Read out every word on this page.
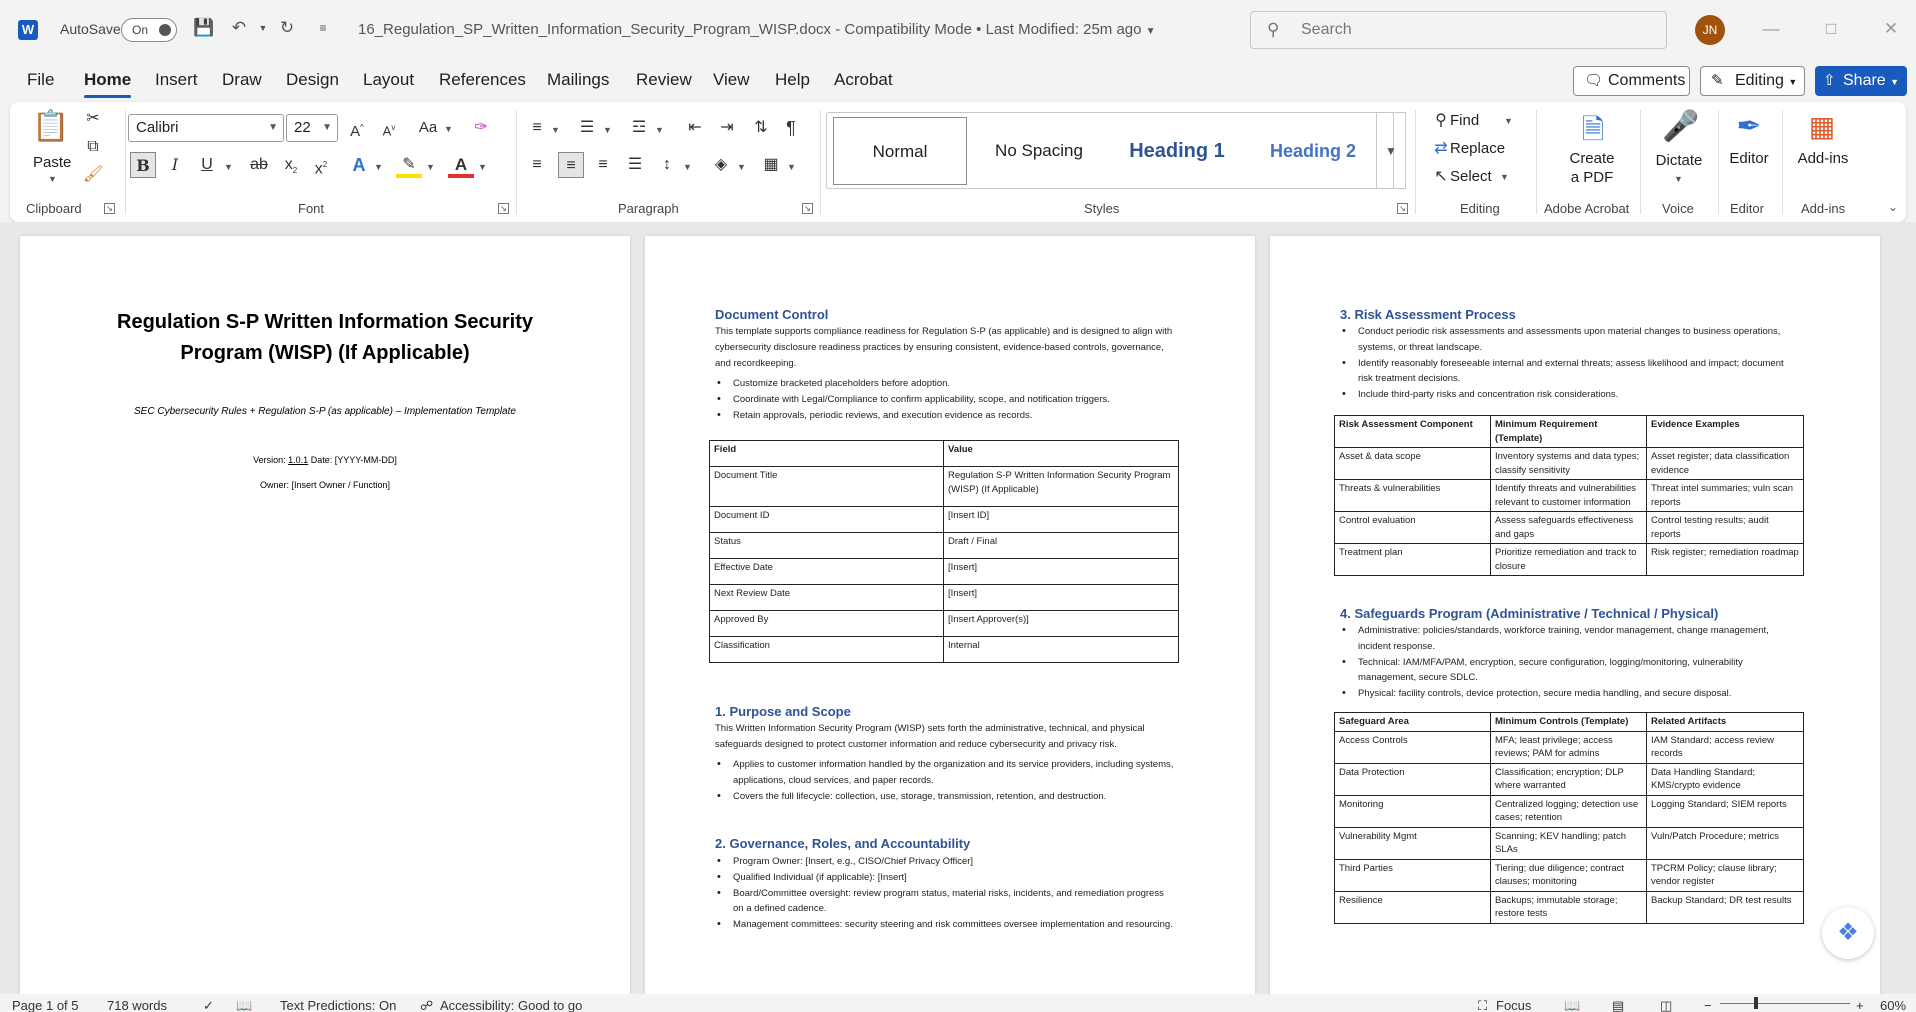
W AutoSave On	💾 ↶	▼ ↻	≡	16_Regulation_SP_Written_Information_Security_Program_WISP.docx - Compatibility Mode • Last Modified: 25m ago ▼	⚲
Search	JN	—	□	✕
File Home Insert Draw Design Layout References Mailings Review View Help Acrobat	🗨 Comments	✎ Editing ▼	⇧ Share ▼
📋
Paste
▼
✂
⧉
🖌
Clipboard	↘
Calibri	▼	22 ▼	A^	$A^v$	Aa ▼	✑
B	I	U	▼ ab	$x_2$	$x^2$	A ▼	✎	▼	A	▼
Font	↘
≡	▼	☰ ▼	☲ ▼	⇤	⇥	⇅	¶
≡	≡	≡	☰	↕	▼	◈	▼	▦ ▼
Paragraph	↘
Normal	No Spacing	Heading 1	Heading 2	▼
Styles	↘
⚲ Find	▼
⇄ Replace
↖ Select ▼
Editing
🗎
Create
a PDF
Adobe Acrobat
🎤
Dictate
▼
Voice
✒
Editor
Editor
▦
Add-ins
Add-ins	⌄
Regulation S-P Written Information Security
Program (WISP) (If Applicable)
SEC Cybersecurity Rules + Regulation S-P (as applicable) – Implementation Template
Version: 1.0.1 Date: [YYYY-MM-DD]
Owner: [Insert Owner / Function]
Document Control
This template supports compliance readiness for Regulation S-P (as applicable) and is designed to align with cybersecurity disclosure readiness practices by ensuring consistent, evidence-based controls, governance, and recordkeeping.
• Customize bracketed placeholders before adoption.
• Coordinate with Legal/Compliance to confirm applicability, scope, and notification triggers.
• Retain approvals, periodic reviews, and execution evidence as records.
Field	Value
Document Title	Regulation S-P Written Information Security Program (WISP) (If Applicable)
Document ID	[Insert ID]
Status	Draft / Final
Effective Date	[Insert]
Next Review Date	[Insert]
Approved By	[Insert Approver(s)]
Classification	Internal
1. Purpose and Scope
This Written Information Security Program (WISP) sets forth the administrative, technical, and physical safeguards designed to protect customer information and reduce cybersecurity and privacy risk.
• Applies to customer information handled by the organization and its service providers, including systems, applications, cloud services, and paper records.
• Covers the full lifecycle: collection, use, storage, transmission, retention, and destruction.
2. Governance, Roles, and Accountability
• Program Owner: [Insert, e.g., CISO/Chief Privacy Officer]
• Qualified Individual (if applicable): [Insert]
• Board/Committee oversight: review program status, material risks, incidents, and remediation progress on a defined cadence.
• Management committees: security steering and risk committees oversee implementation and resourcing.
3. Risk Assessment Process
• Conduct periodic risk assessments and assessments upon material changes to business operations, systems, or threat landscape.
• Identify reasonably foreseeable internal and external threats; assess likelihood and impact; document risk treatment decisions.
• Include third-party risks and concentration risk considerations.
Risk Assessment Component	Minimum Requirement (Template)	Evidence Examples
Asset & data scope	Inventory systems and data types; classify sensitivity	Asset register; data classification evidence
Threats & vulnerabilities	Identify threats and vulnerabilities relevant to customer information	Threat intel summaries; vuln scan reports
Control evaluation	Assess safeguards effectiveness and gaps	Control testing results; audit reports
Treatment plan	Prioritize remediation and track to closure	Risk register; remediation roadmap
4. Safeguards Program (Administrative / Technical / Physical)
• Administrative: policies/standards, workforce training, vendor management, change management, incident response.
• Technical: IAM/MFA/PAM, encryption, secure configuration, logging/monitoring, vulnerability management, secure SDLC.
• Physical: facility controls, device protection, secure media handling, and secure disposal.
Safeguard Area	Minimum Controls (Template)	Related Artifacts
Access Controls	MFA; least privilege; access reviews; PAM for admins	IAM Standard; access review records
Data Protection	Classification; encryption; DLP where warranted	Data Handling Standard; KMS/crypto evidence
Monitoring	Centralized logging; detection use cases; retention	Logging Standard; SIEM reports
Vulnerability Mgmt	Scanning; KEV handling; patch SLAs	Vuln/Patch Procedure; metrics
Third Parties	Tiering; due diligence; contract clauses; monitoring	TPCRM Policy; clause library; vendor register
Resilience	Backups; immutable storage; restore tests	Backup Standard; DR test results
❖
Page 1 of 5 718 words	✓ 📖 Text Predictions: On ☍ Accessibility: Good to go	⛶ Focus	📖 ▤	◫ −	+ 60%
